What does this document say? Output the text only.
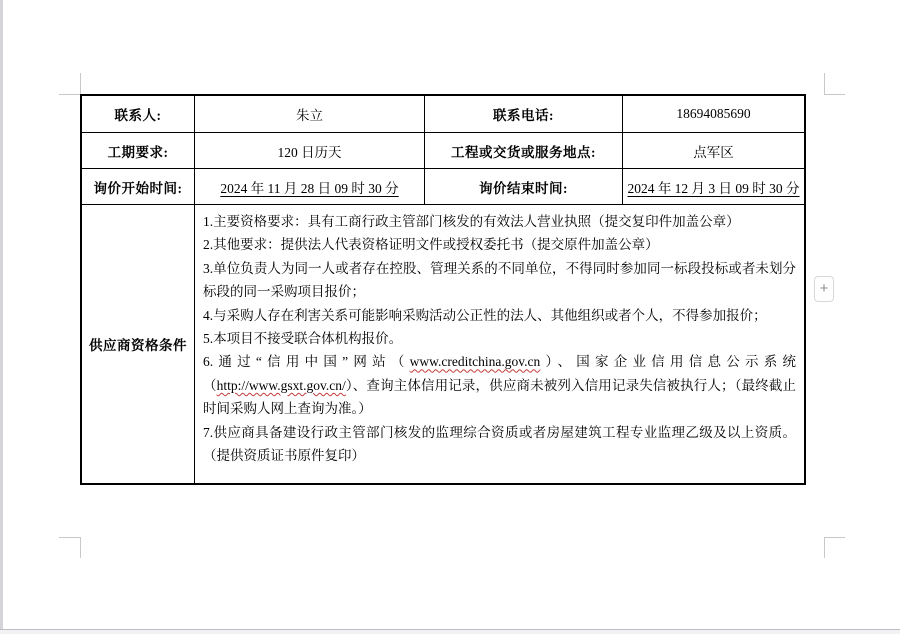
+
联系人:	朱立	联系电话:	18694085690
工期要求:	120 日历天	工程或交货或服务地点:	点军区
询价开始时间:	2024 年 11 月 28 日 09 时 30 分	询价结束时间:	2024 年 12 月 3 日 09 时 30 分
供应商资格条件

1.主要资格要求：具有工商行政主管部门核发的有效法人营业执照（提交复印件加盖公章）

2.其他要求：提供法人代表资格证明文件或授权委托书（提交原件加盖公章）

3.单位负责人为同一人或者存在控股、管理关系的不同单位，不得同时参加同一标段投标或者未划分标段的同一采购项目报价；

4.与采购人存在利害关系可能影响采购活动公正性的法人、其他组织或者个人，不得参加报价；

5.本项目不接受联合体机构报价。

6.通过“信用中国”网站（www.creditchina.gov.cn）、国家企业信用信息公示系统（http://www.gsxt.gov.cn/）、查询主体信用记录，供应商未被列入信用记录失信被执行人；（最终截止时间采购人网上查询为准。）

7.供应商具备建设行政主管部门核发的监理综合资质或者房屋建筑工程专业监理乙级及以上资质。（提供资质证书原件复印）
